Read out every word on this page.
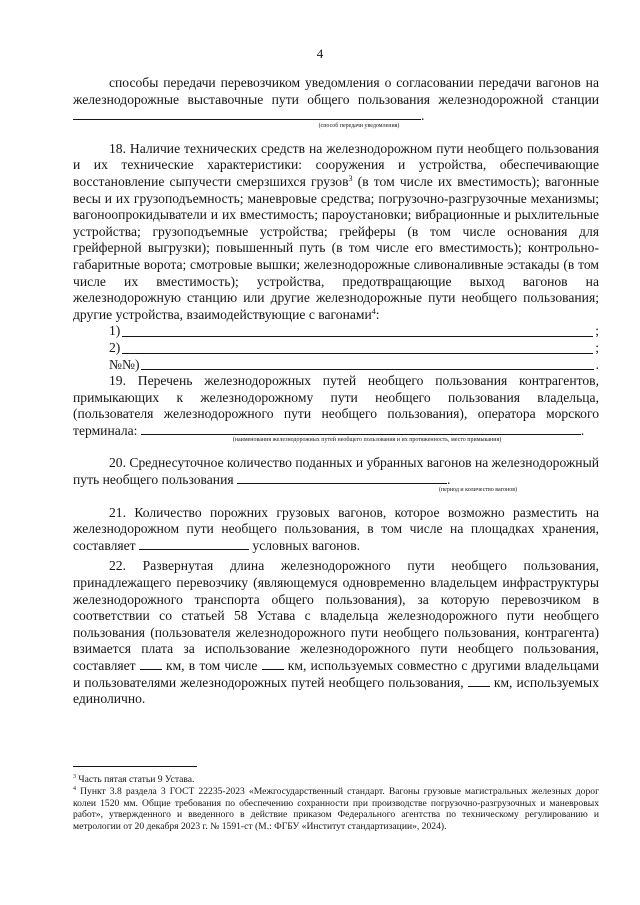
4

способы передачи перевозчиком уведомления о согласовании передачи вагонов на железнодорожные выставочные пути общего пользования железнодорожной станции .

(способ передачи уведомления)

18. Наличие технических средств на железнодорожном пути необщего пользования и их технические характеристики: сооружения и устройства, обеспечивающие восстановление сыпучести смерзшихся грузов$^3$ (в том числе их вместимость); вагонные весы и их грузоподъемность; маневровые средства; погрузочно-разгрузочные механизмы; вагоноопрокидыватели и их вместимость; пароустановки; вибрационные и рыхлительные устройства; грузоподъемные устройства; грейферы (в том числе основания для грейферной выгрузки); повышенный путь (в том числе его вместимость); контрольно-габаритные ворота; смотровые вышки; железнодорожные сливоналивные эстакады (в том числе их вместимость); устройства, предотвращающие выход вагонов на железнодорожную станцию или другие железнодорожные пути необщего пользования; другие устройства, взаимодействующие с вагонами$^4$:

1)	;
2)	;
№№)	.

19. Перечень железнодорожных путей необщего пользования контрагентов, примыкающих к железнодорожному пути необщего пользования владельца, (пользователя железнодорожного пути необщего пользования), оператора морского терминала:	.

(наименования железнодорожных путей необщего пользования и их протяженность, место примыкания)

20. Среднесуточное количество поданных и убранных вагонов на железнодорожный путь необщего пользования	.

(период и количество вагонов)

21. Количество порожних грузовых вагонов, которое возможно разместить на железнодорожном пути необщего пользования, в том числе на площадках хранения, составляет	условных вагонов.

22. Развернутая длина железнодорожного пути необщего пользования, принадлежащего перевозчику (являющемуся одновременно владельцем инфраструктуры железнодорожного транспорта общего пользования), за которую перевозчиком в соответствии со статьей 58 Устава с владельца железнодорожного пути необщего пользования (пользователя железнодорожного пути необщего пользования, контрагента) взимается плата за использование железнодорожного пути необщего пользования, составляет км, в том числе км, используемых совместно с другими владельцами и пользователями железнодорожных путей необщего пользования, км, используемых единолично.

$^3$ Часть пятая статьи 9 Устава.

$^4$ Пункт 3.8 раздела 3 ГОСТ 22235-2023 «Межгосударственный стандарт. Вагоны грузовые магистральных железных дорог колеи 1520 мм. Общие требования по обеспечению сохранности при производстве погрузочно-разгрузочных и маневровых работ», утвержденного и введенного в действие приказом Федерального агентства по техническому регулированию и метрологии от 20 декабря 2023 г. № 1591-ст (М.: ФГБУ «Институт стандартизации», 2024).
